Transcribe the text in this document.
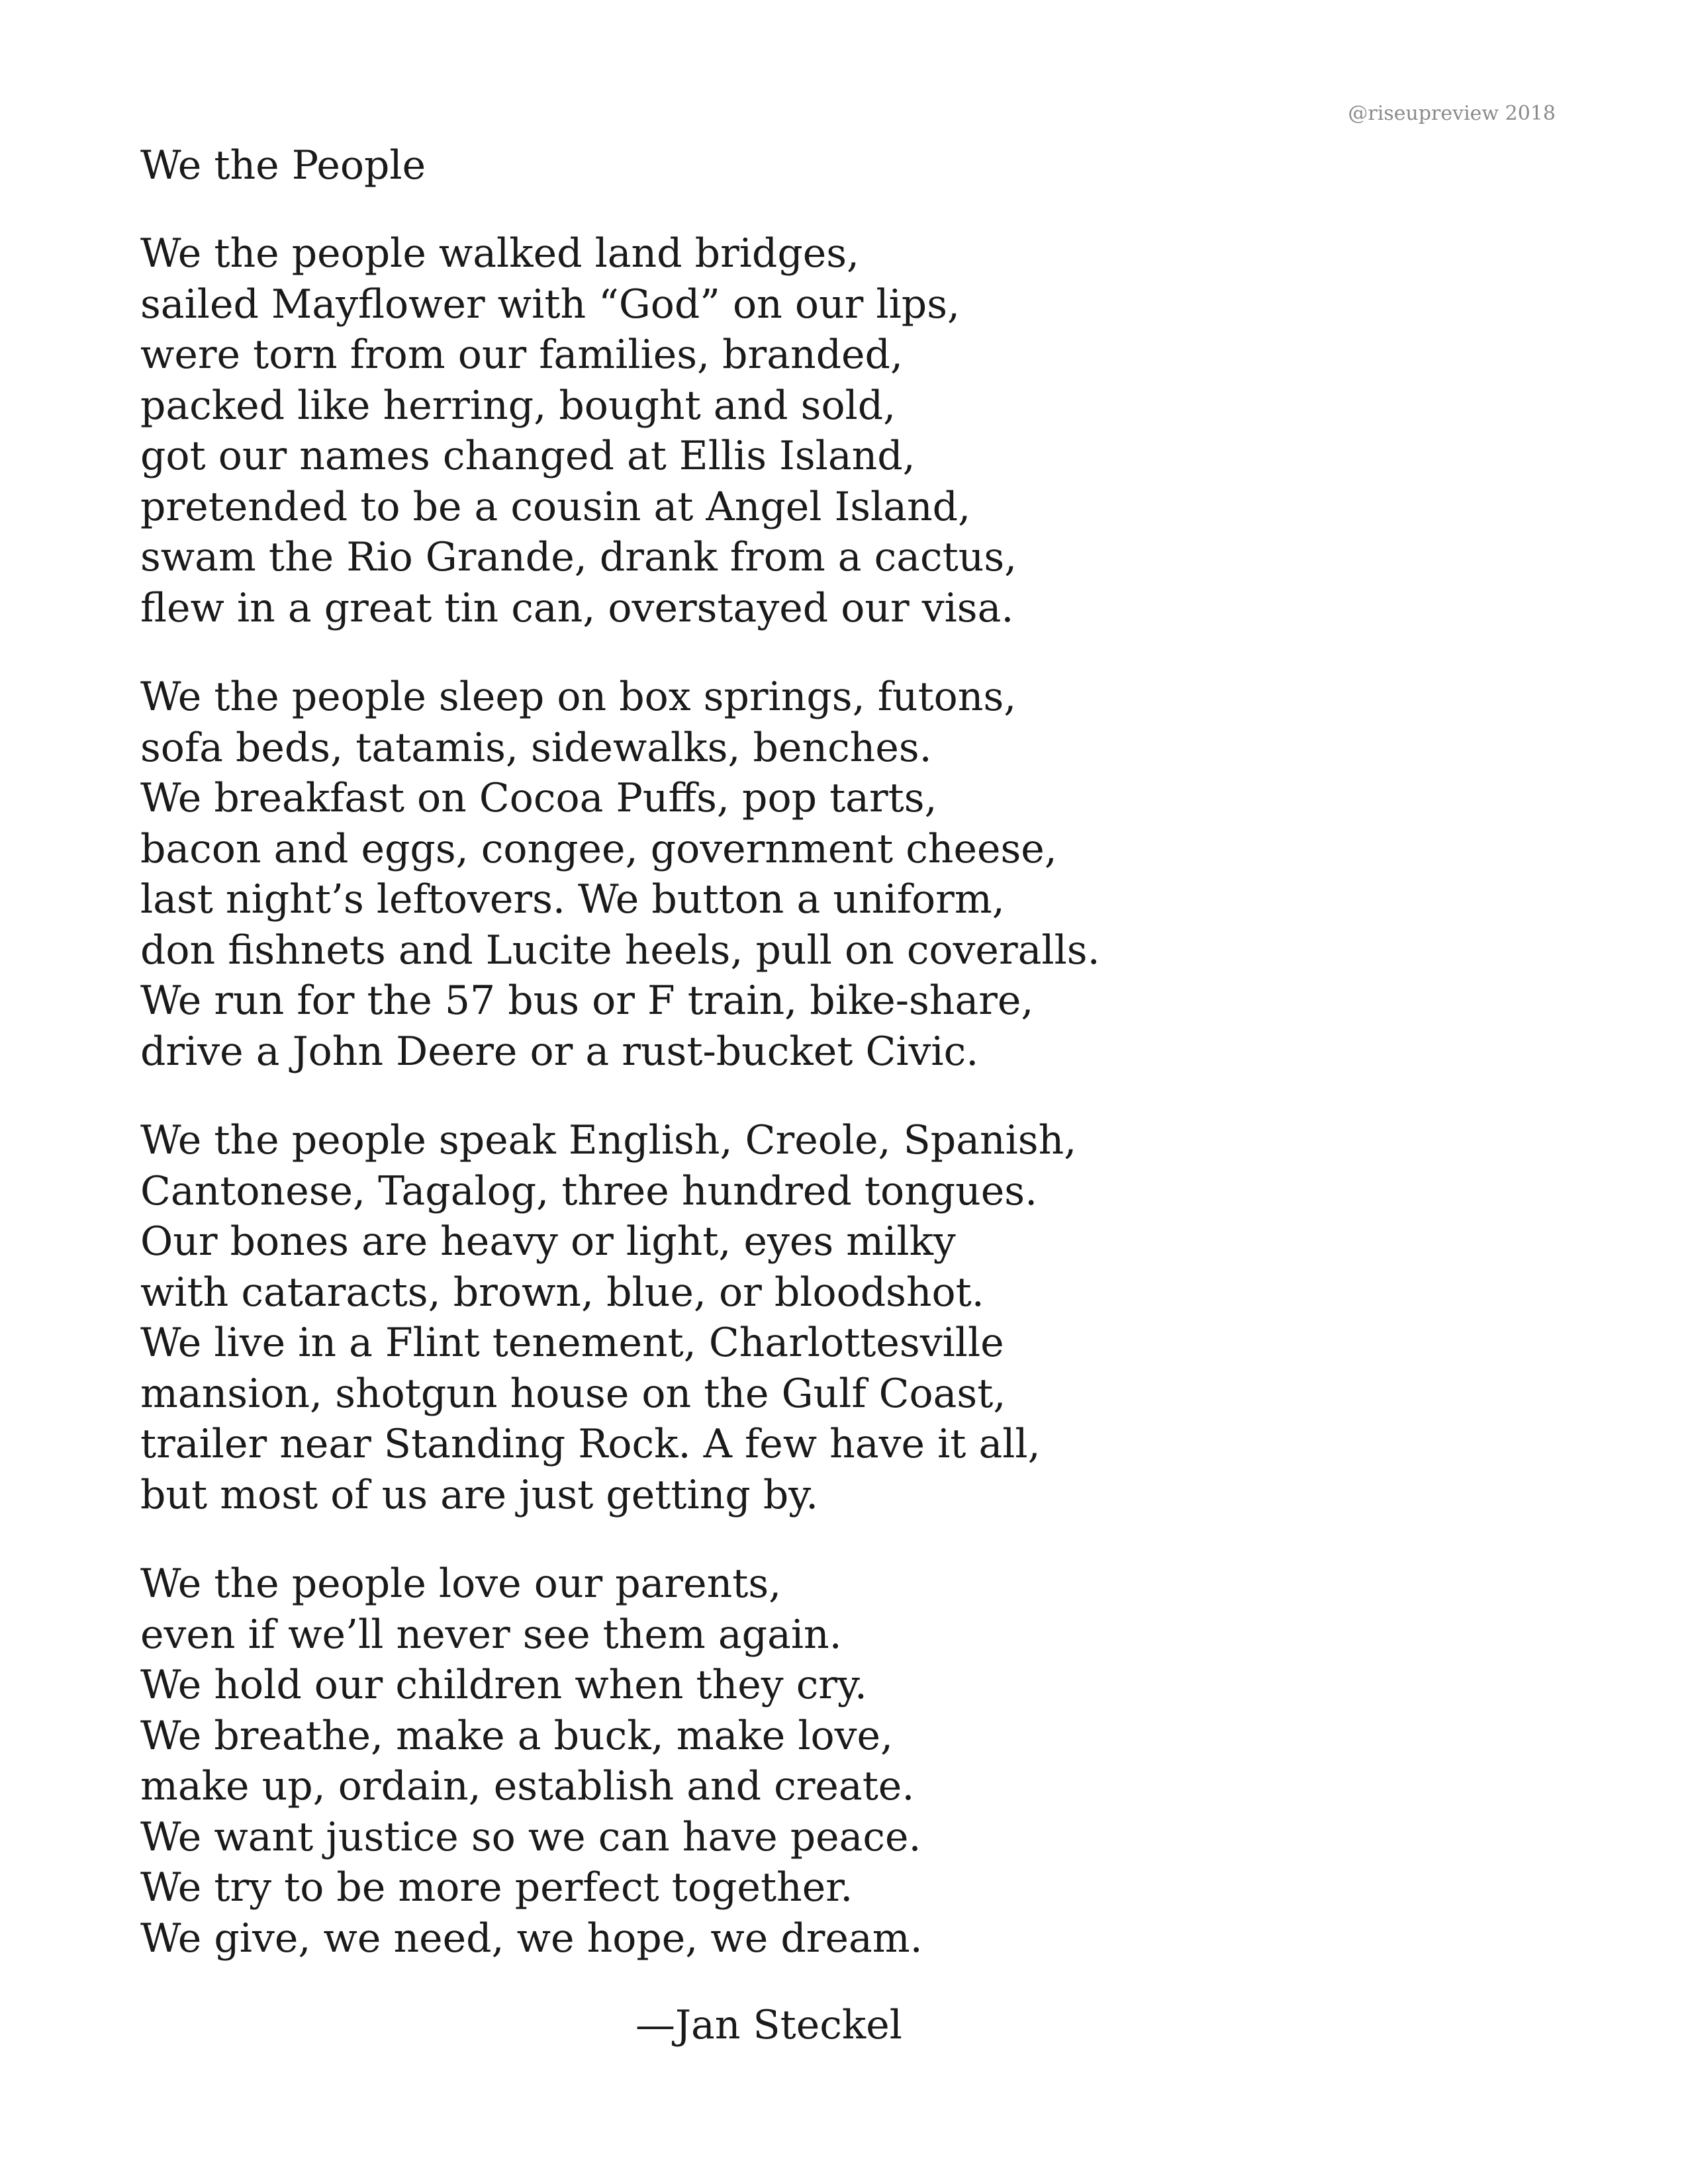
@riseupreview 2018
We the People
We the people walked land bridges,
sailed Mayflower with “God” on our lips,
were torn from our families, branded,
packed like herring, bought and sold,
got our names changed at Ellis Island,
pretended to be a cousin at Angel Island,
swam the Rio Grande, drank from a cactus,
flew in a great tin can, overstayed our visa.
We the people sleep on box springs, futons,
sofa beds, tatamis, sidewalks, benches.
We breakfast on Cocoa Puffs, pop tarts,
bacon and eggs, congee, government cheese,
last night’s leftovers. We button a uniform,
don fishnets and Lucite heels, pull on coveralls.
We run for the 57 bus or F train, bike-share,
drive a John Deere or a rust-bucket Civic.
We the people speak English, Creole, Spanish,
Cantonese, Tagalog, three hundred tongues.
Our bones are heavy or light, eyes milky
with cataracts, brown, blue, or bloodshot.
We live in a Flint tenement, Charlottesville
mansion, shotgun house on the Gulf Coast,
trailer near Standing Rock. A few have it all,
but most of us are just getting by.
We the people love our parents,
even if we’ll never see them again.
We hold our children when they cry.
We breathe, make a buck, make love,
make up, ordain, establish and create.
We want justice so we can have peace.
We try to be more perfect together.
We give, we need, we hope, we dream.
—Jan Steckel
